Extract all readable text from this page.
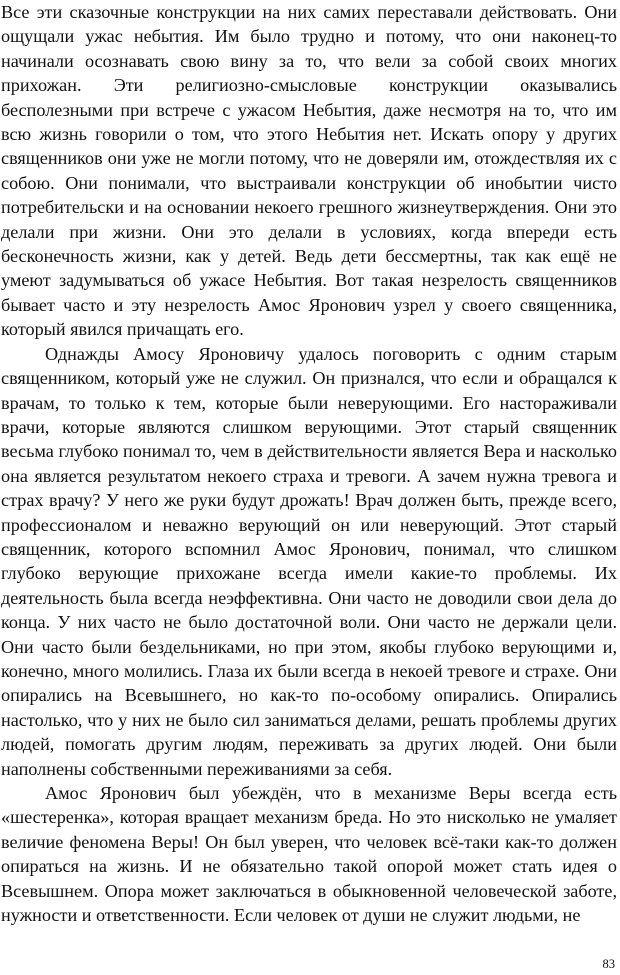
Все эти сказочные конструкции на них самих переставали действовать. Они ощущали ужас небытия. Им было трудно и потому, что они наконец-то начинали осознавать свою вину за то, что вели за собой своих многих прихожан. Эти религиозно-смысловые конструкции оказывались бесполезными при встрече с ужасом Небытия, даже несмотря на то, что им всю жизнь говорили о том, что этого Небытия нет. Искать опору у других священников они уже не могли потому, что не доверяли им, отождествляя их с собою. Они понимали, что выстраивали конструкции об инобытии чисто потребительски и на основании некоего грешного жизнеутверждения. Они это делали при жизни. Они это делали в условиях, когда впереди есть бесконечность жизни, как у детей. Ведь дети бессмертны, так как ещё не умеют задумываться об ужасе Небытия. Вот такая незрелость священников бывает часто и эту незрелость Амос Яронович узрел у своего священника, который явился причащать его.

Однажды Амосу Яроновичу удалось поговорить с одним старым священником, который уже не служил. Он признался, что если и обращался к врачам, то только к тем, которые были неверующими. Его настораживали врачи, которые являются слишком верующими. Этот старый священник весьма глубоко понимал то, чем в действительности является Вера и насколько она является результатом некоего страха и тревоги. А зачем нужна тревога и страх врачу? У него же руки будут дрожать! Врач должен быть, прежде всего, профессионалом и неважно верующий он или неверующий. Этот старый священник, которого вспомнил Амос Яронович, понимал, что слишком глубоко верующие прихожане всегда имели какие-то проблемы. Их деятельность была всегда неэффективна. Они часто не доводили свои дела до конца. У них часто не было достаточной воли. Они часто не держали цели. Они часто были бездельниками, но при этом, якобы глубоко верующими и, конечно, много молились. Глаза их были всегда в некоей тревоге и страхе. Они опирались на Всевышнего, но как-то по-особому опирались. Опирались настолько, что у них не было сил заниматься делами, решать проблемы других людей, помогать другим людям, переживать за других людей. Они были наполнены собственными переживаниями за себя.

Амос Яронович был убеждён, что в механизме Веры всегда есть «шестеренка», которая вращает механизм бреда. Но это нисколько не умаляет величие феномена Веры! Он был уверен, что человек всё-таки как-то должен опираться на жизнь. И не обязательно такой опорой может стать идея о Всевышнем. Опора может заключаться в обыкновенной человеческой заботе, нужности и ответственности. Если человек от души не служит людьми, не

83
